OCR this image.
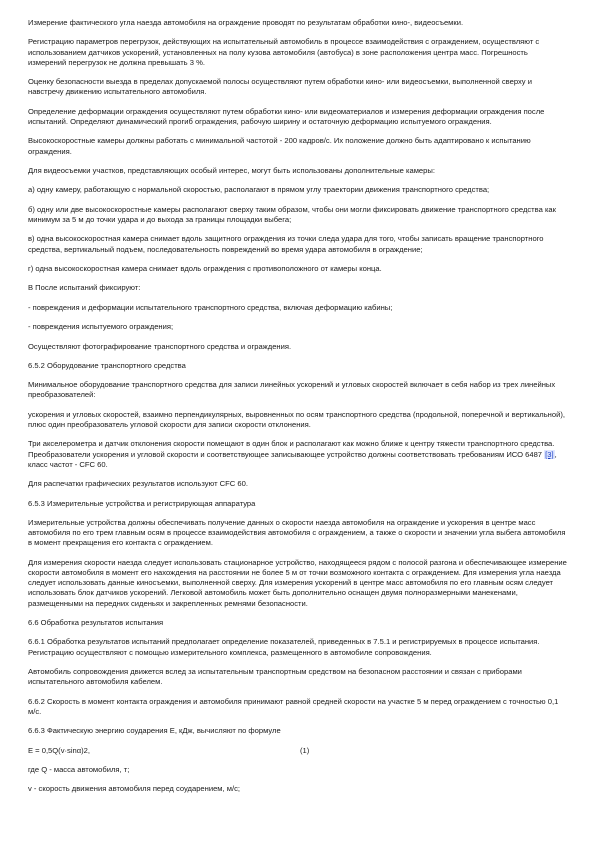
Измерение фактического угла наезда автомобиля на ограждение проводят по результатам обработки кино-, видеосъемки.

Регистрацию параметров перегрузок, действующих на испытательный автомобиль в процессе взаимодействия с ограждением, осуществляют с использованием датчиков ускорений, установленных на полу кузова автомобиля (автобуса) в зоне расположения центра масс. Погрешность измерений перегрузок не должна превышать 3 %.

Оценку безопасности выезда в пределах допускаемой полосы осуществляют путем обработки кино- или видеосъемки, выполненной сверху и навстречу движению испытательного автомобиля.

Определение деформации ограждения осуществляют путем обработки кино- или видеоматериалов и измерения деформации ограждения после испытаний. Определяют динамический прогиб ограждения, рабочую ширину и остаточную деформацию испытуемого ограждения.

Высокоскоростные камеры должны работать с минимальной частотой - 200 кадров/с. Их положение должно быть адаптировано к испытанию ограждения.

Для видеосъемки участков, представляющих особый интерес, могут быть использованы дополнительные камеры:

а) одну камеру, работающую с нормальной скоростью, располагают в прямом углу траектории движения транспортного средства;

б) одну или две высокоскоростные камеры располагают сверху таким образом, чтобы они могли фиксировать движение транспортного средства как минимум за 5 м до точки удара и до выхода за границы площадки выбега;

в) одна высокоскоростная камера снимает вдоль защитного ограждения из точки следа удара для того, чтобы записать вращение транспортного средства, вертикальный подъем, последовательность повреждений во время удара автомобиля в ограждение;

г) одна высокоскоростная камера снимает вдоль ограждения с противоположного от камеры конца.

В После испытаний фиксируют:

- повреждения и деформации испытательного транспортного средства, включая деформацию кабины;

- повреждения испытуемого ограждения;

Осуществляют фотографирование транспортного средства и ограждения.

6.5.2 Оборудование транспортного средства

Минимальное оборудование транспортного средства для записи линейных ускорений и угловых скоростей включает в себя набор из трех линейных преобразователей:

ускорения и угловых скоростей, взаимно перпендикулярных, выровненных по осям транспортного средства (продольной, поперечной и вертикальной), плюс один преобразователь угловой скорости для записи скорости отклонения.

Три акселерометра и датчик отклонения скорости помещают в один блок и располагают как можно ближе к центру тяжести транспортного средства. Преобразователи ускорения и угловой скорости и соответствующее записывающее устройство должны соответствовать требованиям ИСО 6487 [3], класс частот - CFC 60.

Для распечатки графических результатов используют CFC 60.

6.5.3 Измерительные устройства и регистрирующая аппаратура

Измерительные устройства должны обеспечивать получение данных о скорости наезда автомобиля на ограждение и ускорения в центре масс автомобиля по его трем главным осям в процессе взаимодействия автомобиля с ограждением, а также о скорости и значении угла выбега автомобиля в момент прекращения его контакта с ограждением.

Для измерения скорости наезда следует использовать стационарное устройство, находящееся рядом с полосой разгона и обеспечивающее измерение скорости автомобиля в момент его нахождения на расстоянии не более 5 м от точки возможного контакта с ограждением. Для измерения угла наезда следует использовать данные киносъемки, выполненной сверху. Для измерения ускорений в центре масс автомобиля по его главным осям следует использовать блок датчиков ускорений. Легковой автомобиль может быть дополнительно оснащен двумя полноразмерными манекенами, размещенными на передних сиденьях и закрепленных ремнями безопасности.

6.6 Обработка результатов испытания

6.6.1 Обработка результатов испытаний предполагает определение показателей, приведенных в 7.5.1 и регистрируемых в процессе испытания. Регистрацию осуществляют с помощью измерительного комплекса, размещенного в автомобиле сопровождения.

Автомобиль сопровождения движется вслед за испытательным транспортным средством на безопасном расстоянии и связан с приборами испытательного автомобиля кабелем.

6.6.2 Скорость в момент контакта ограждения и автомобиля принимают равной средней скорости на участке 5 м перед ограждением с точностью 0,1 м/с.

6.6.3 Фактическую энергию соударения E, кДж, вычисляют по формуле

E = 0,5Q(v·sinα)2,	(1)

где Q - масса автомобиля, т;

v - скорость движения автомобиля перед соударением, м/с;
